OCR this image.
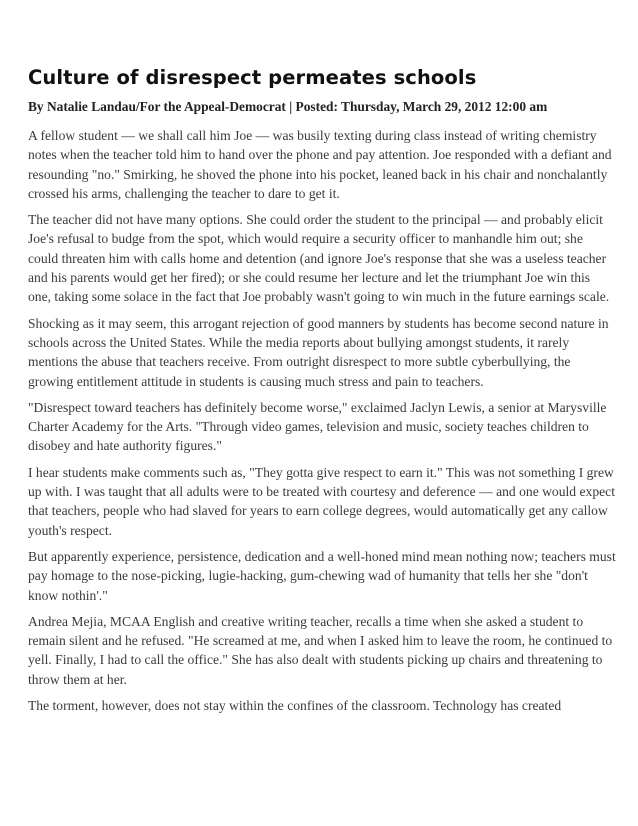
Culture of disrespect permeates schools
By Natalie Landau/For the Appeal-Democrat | Posted: Thursday, March 29, 2012 12:00 am

A fellow student — we shall call him Joe — was busily texting during class instead of writing chemistry notes when the teacher told him to hand over the phone and pay attention. Joe responded with a defiant and resounding "no." Smirking, he shoved the phone into his pocket, leaned back in his chair and nonchalantly crossed his arms, challenging the teacher to dare to get it.

The teacher did not have many options. She could order the student to the principal — and probably elicit Joe's refusal to budge from the spot, which would require a security officer to manhandle him out; she could threaten him with calls home and detention (and ignore Joe's response that she was a useless teacher and his parents would get her fired); or she could resume her lecture and let the triumphant Joe win this one, taking some solace in the fact that Joe probably wasn't going to win much in the future earnings scale.

Shocking as it may seem, this arrogant rejection of good manners by students has become second nature in schools across the United States. While the media reports about bullying amongst students, it rarely mentions the abuse that teachers receive. From outright disrespect to more subtle cyberbullying, the growing entitlement attitude in students is causing much stress and pain to teachers.

"Disrespect toward teachers has definitely become worse," exclaimed Jaclyn Lewis, a senior at Marysville Charter Academy for the Arts. "Through video games, television and music, society teaches children to disobey and hate authority figures."

I hear students make comments such as, "They gotta give respect to earn it." This was not something I grew up with. I was taught that all adults were to be treated with courtesy and deference — and one would expect that teachers, people who had slaved for years to earn college degrees, would automatically get any callow youth's respect.

But apparently experience, persistence, dedication and a well-honed mind mean nothing now; teachers must pay homage to the nose-picking, lugie-hacking, gum-chewing wad of humanity that tells her she "don't know nothin'."

Andrea Mejia, MCAA English and creative writing teacher, recalls a time when she asked a student to remain silent and he refused. "He screamed at me, and when I asked him to leave the room, he continued to yell. Finally, I had to call the office." She has also dealt with students picking up chairs and threatening to throw them at her.

The torment, however, does not stay within the confines of the classroom. Technology has created
